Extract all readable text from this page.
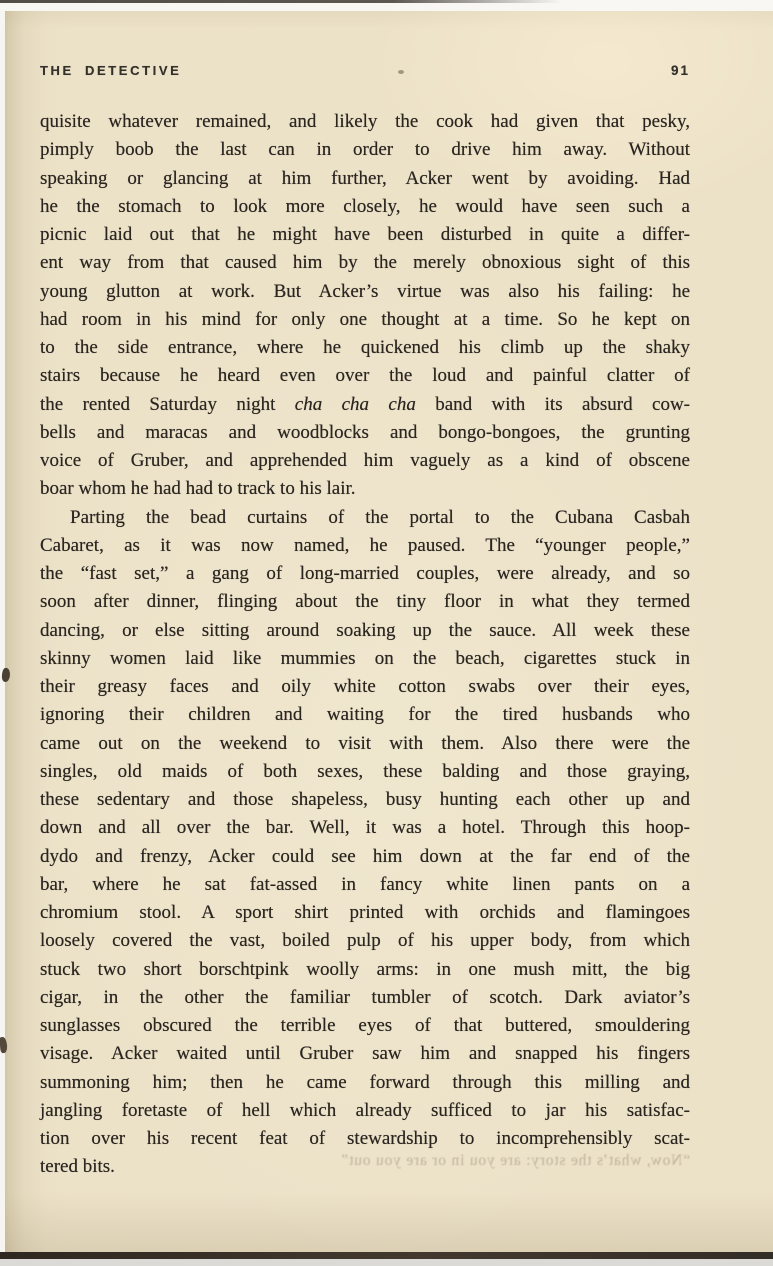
THE DETECTIVE	91
quisite whatever remained, and likely the cook had given that pesky,
pimply boob the last can in order to drive him away. Without
speaking or glancing at him further, Acker went by avoiding. Had
he the stomach to look more closely, he would have seen such a
picnic laid out that he might have been disturbed in quite a differ-
ent way from that caused him by the merely obnoxious sight of this
young glutton at work. But Acker’s virtue was also his failing: he
had room in his mind for only one thought at a time. So he kept on
to the side entrance, where he quickened his climb up the shaky
stairs because he heard even over the loud and painful clatter of
the rented Saturday night cha cha cha band with its absurd cow-
bells and maracas and woodblocks and bongo-bongoes, the grunting
voice of Gruber, and apprehended him vaguely as a kind of obscene
boar whom he had had to track to his lair.
Parting the bead curtains of the portal to the Cubana Casbah
Cabaret, as it was now named, he paused. The “younger people,”
the “fast set,” a gang of long-married couples, were already, and so
soon after dinner, flinging about the tiny floor in what they termed
dancing, or else sitting around soaking up the sauce. All week these
skinny women laid like mummies on the beach, cigarettes stuck in
their greasy faces and oily white cotton swabs over their eyes,
ignoring their children and waiting for the tired husbands who
came out on the weekend to visit with them. Also there were the
singles, old maids of both sexes, these balding and those graying,
these sedentary and those shapeless, busy hunting each other up and
down and all over the bar. Well, it was a hotel. Through this hoop-
dydo and frenzy, Acker could see him down at the far end of the
bar, where he sat fat-assed in fancy white linen pants on a
chromium stool. A sport shirt printed with orchids and flamingoes
loosely covered the vast, boiled pulp of his upper body, from which
stuck two short borschtpink woolly arms: in one mush mitt, the big
cigar, in the other the familiar tumbler of scotch. Dark aviator’s
sunglasses obscured the terrible eyes of that buttered, smouldering
visage. Acker waited until Gruber saw him and snapped his fingers
summoning him; then he came forward through this milling and
jangling foretaste of hell which already sufficed to jar his satisfac-
tion over his recent feat of stewardship to incomprehensibly scat-
tered bits.	“Now, what’s the story: are you in or are you out”
